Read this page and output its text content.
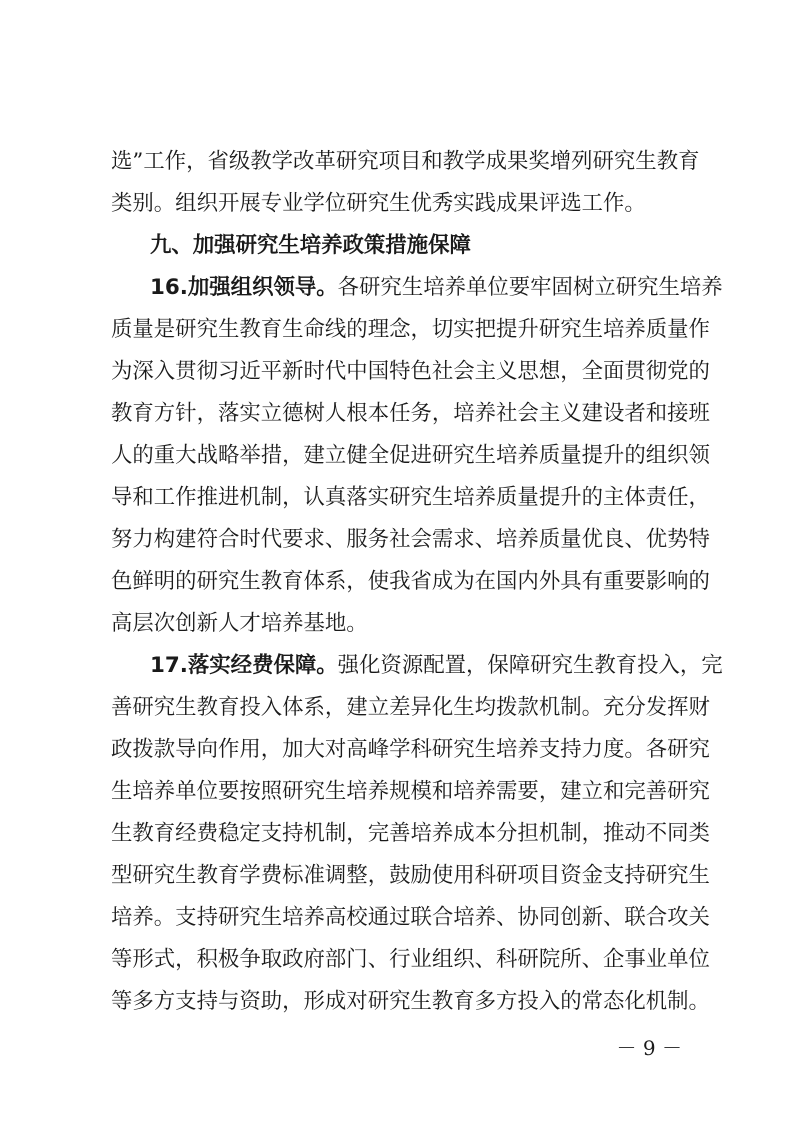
选”工作，省级教学改革研究项目和教学成果奖增列研究生教育
类别。组织开展专业学位研究生优秀实践成果评选工作。
九、加强研究生培养政策措施保障
16.加强组织领导。各研究生培养单位要牢固树立研究生培养
质量是研究生教育生命线的理念，切实把提升研究生培养质量作
为深入贯彻习近平新时代中国特色社会主义思想，全面贯彻党的
教育方针，落实立德树人根本任务，培养社会主义建设者和接班
人的重大战略举措，建立健全促进研究生培养质量提升的组织领
导和工作推进机制，认真落实研究生培养质量提升的主体责任，
努力构建符合时代要求、服务社会需求、培养质量优良、优势特
色鲜明的研究生教育体系，使我省成为在国内外具有重要影响的
高层次创新人才培养基地。
17.落实经费保障。强化资源配置，保障研究生教育投入，完
善研究生教育投入体系，建立差异化生均拨款机制。充分发挥财
政拨款导向作用，加大对高峰学科研究生培养支持力度。各研究
生培养单位要按照研究生培养规模和培养需要，建立和完善研究
生教育经费稳定支持机制，完善培养成本分担机制，推动不同类
型研究生教育学费标准调整，鼓励使用科研项目资金支持研究生
培养。支持研究生培养高校通过联合培养、协同创新、联合攻关
等形式，积极争取政府部门、行业组织、科研院所、企事业单位
等多方支持与资助，形成对研究生教育多方投入的常态化机制。
－ 9 －
